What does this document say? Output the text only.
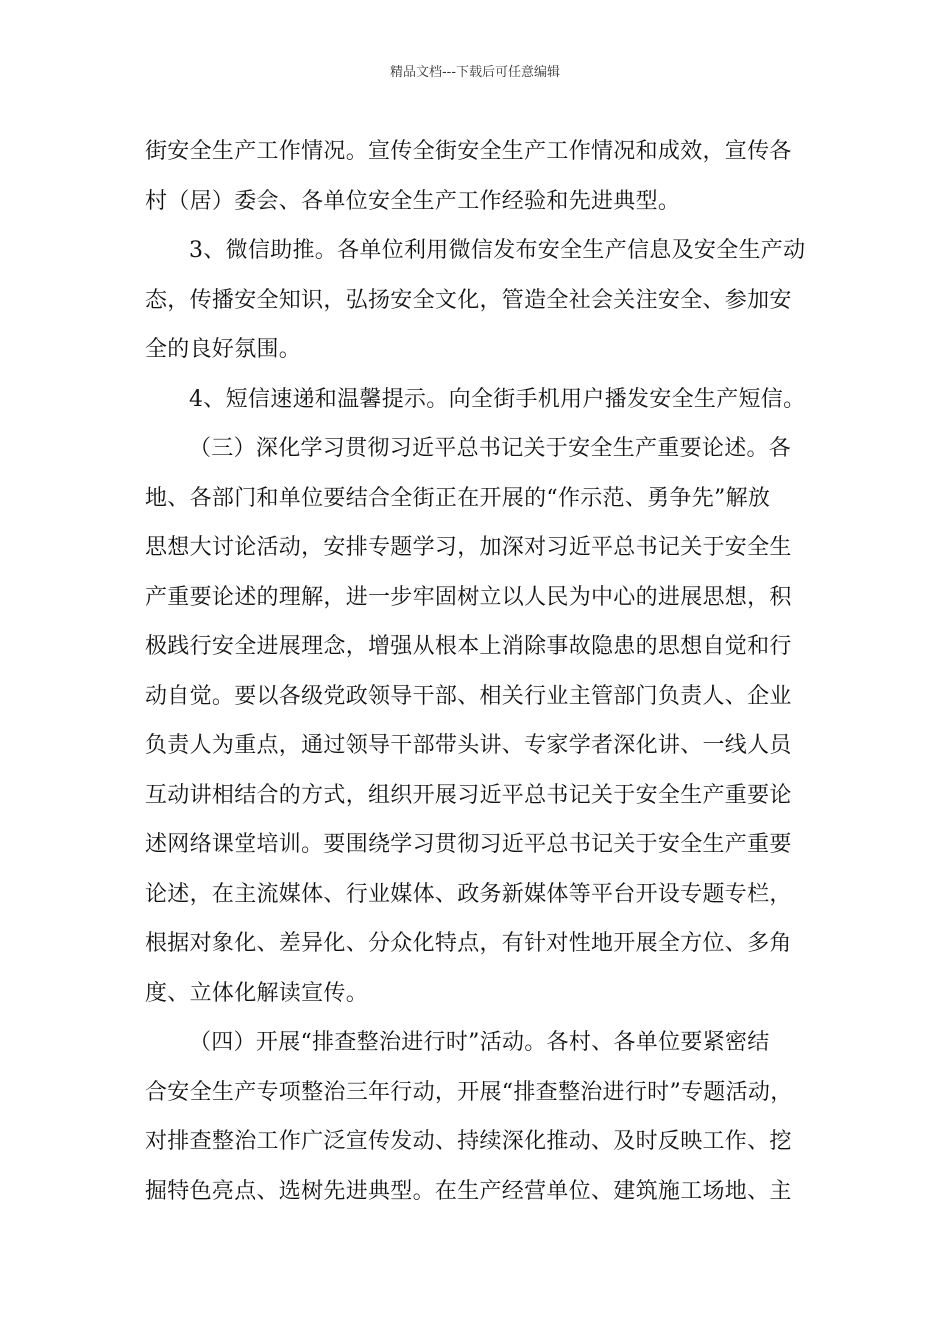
精品文档---下载后可任意编辑
街安全生产工作情况。宣传全街安全生产工作情况和成效，宣传各
村（居）委会、各单位安全生产工作经验和先进典型。
3、微信助推。各单位利用微信发布安全生产信息及安全生产动
态，传播安全知识，弘扬安全文化，管造全社会关注安全、参加安
全的良好氛围。
4、短信速递和温馨提示。向全街手机用户播发安全生产短信。
（三）深化学习贯彻习近平总书记关于安全生产重要论述。各
地、各部门和单位要结合全街正在开展的“作示范、勇争先”解放
思想大讨论活动，安排专题学习，加深对习近平总书记关于安全生
产重要论述的理解，进一步牢固树立以人民为中心的进展思想，积
极践行安全进展理念，增强从根本上消除事故隐患的思想自觉和行
动自觉。要以各级党政领导干部、相关行业主管部门负责人、企业
负责人为重点，通过领导干部带头讲、专家学者深化讲、一线人员
互动讲相结合的方式，组织开展习近平总书记关于安全生产重要论
述网络课堂培训。要围绕学习贯彻习近平总书记关于安全生产重要
论述，在主流媒体、行业媒体、政务新媒体等平台开设专题专栏，
根据对象化、差异化、分众化特点，有针对性地开展全方位、多角
度、立体化解读宣传。
（四）开展“排查整治进行时”活动。各村、各单位要紧密结
合安全生产专项整治三年行动，开展“排查整治进行时”专题活动，
对排查整治工作广泛宣传发动、持续深化推动、及时反映工作、挖
掘特色亮点、选树先进典型。在生产经营单位、建筑施工场地、主
